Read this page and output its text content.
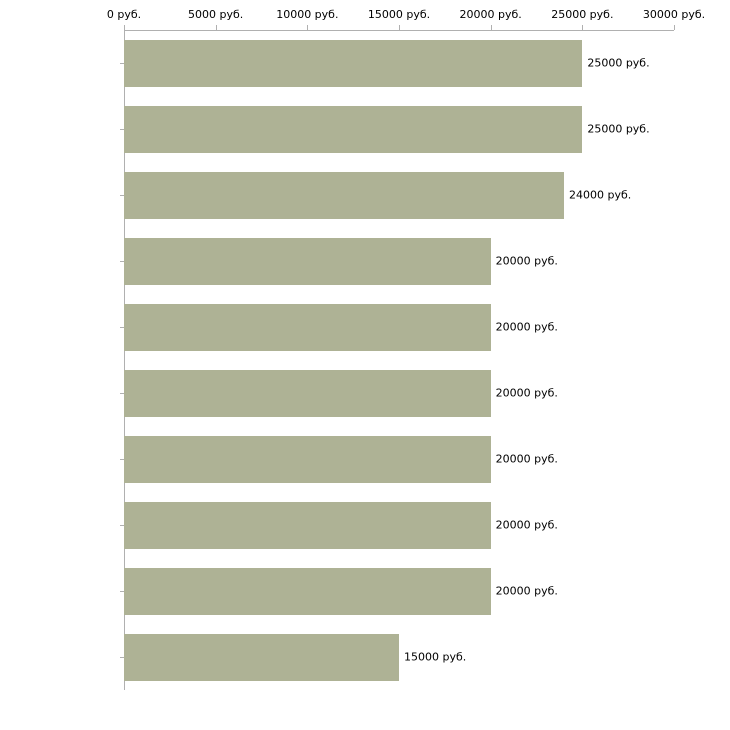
0 руб.	5000 руб.	10000 руб.	15000 руб.	20000 руб.	25000 руб.	30000 руб.
25000 руб.
25000 руб.
24000 руб.
20000 руб.
20000 руб.
20000 руб.
20000 руб.
20000 руб.
20000 руб.
15000 руб.
